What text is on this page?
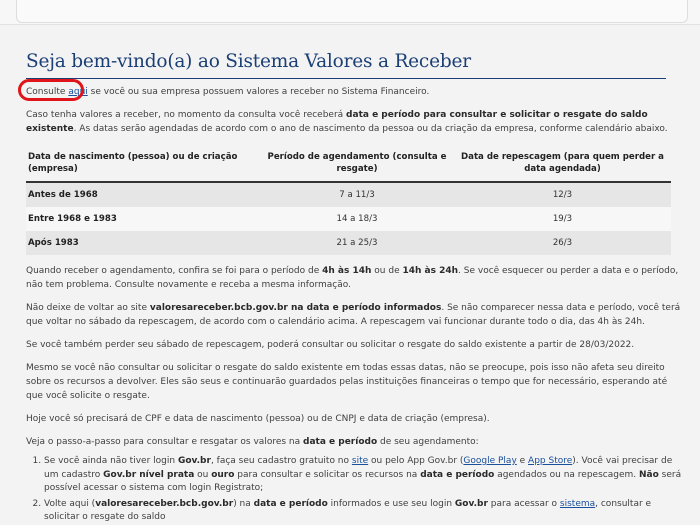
Seja bem-vindo(a) ao Sistema Valores a Receber

Consulte aqui se você ou sua empresa possuem valores a receber no Sistema Financeiro.

Caso tenha valores a receber, no momento da consulta você receberá data e período para consultar e solicitar o resgate do saldo existente. As datas serão agendadas de acordo com o ano de nascimento da pessoa ou da criação da empresa, conforme calendário abaixo.

Data de nascimento (pessoa) ou de criação (empresa)	Período de agendamento (consulta e resgate)	Data de repescagem (para quem perder a data agendada)
Antes de 1968	7 a 11/3	12/3
Entre 1968 e 1983	14 a 18/3	19/3
Após 1983	21 a 25/3	26/3

Quando receber o agendamento, confira se foi para o período de 4h às 14h ou de 14h às 24h. Se você esquecer ou perder a data e o período, não tem problema. Consulte novamente e receba a mesma informação.

Não deixe de voltar ao site valoresareceber.bcb.gov.br na data e período informados. Se não comparecer nessa data e período, você terá que voltar no sábado da repescagem, de acordo com o calendário acima. A repescagem vai funcionar durante todo o dia, das 4h às 24h.

Se você também perder seu sábado de repescagem, poderá consultar ou solicitar o resgate do saldo existente a partir de 28/03/2022.

Mesmo se você não consultar ou solicitar o resgate do saldo existente em todas essas datas, não se preocupe, pois isso não afeta seu direito sobre os recursos a devolver. Eles são seus e continuarão guardados pelas instituições financeiras o tempo que for necessário, esperando até que você solicite o resgate.

Hoje você só precisará de CPF e data de nascimento (pessoa) ou de CNPJ e data de criação (empresa).

Veja o passo-a-passo para consultar e resgatar os valores na data e período de seu agendamento:

1. Se você ainda não tiver login Gov.br, faça seu cadastro gratuito no site ou pelo App Gov.br (Google Play e App Store). Você vai precisar de um cadastro Gov.br nível prata ou ouro para consultar e solicitar os recursos na data e período agendados ou na repescagem. Não será possível acessar o sistema com login Registrato;
2. Volte aqui (valoresareceber.bcb.gov.br) na data e período informados e use seu login Gov.br para acessar o sistema, consultar e solicitar o resgate do saldo
